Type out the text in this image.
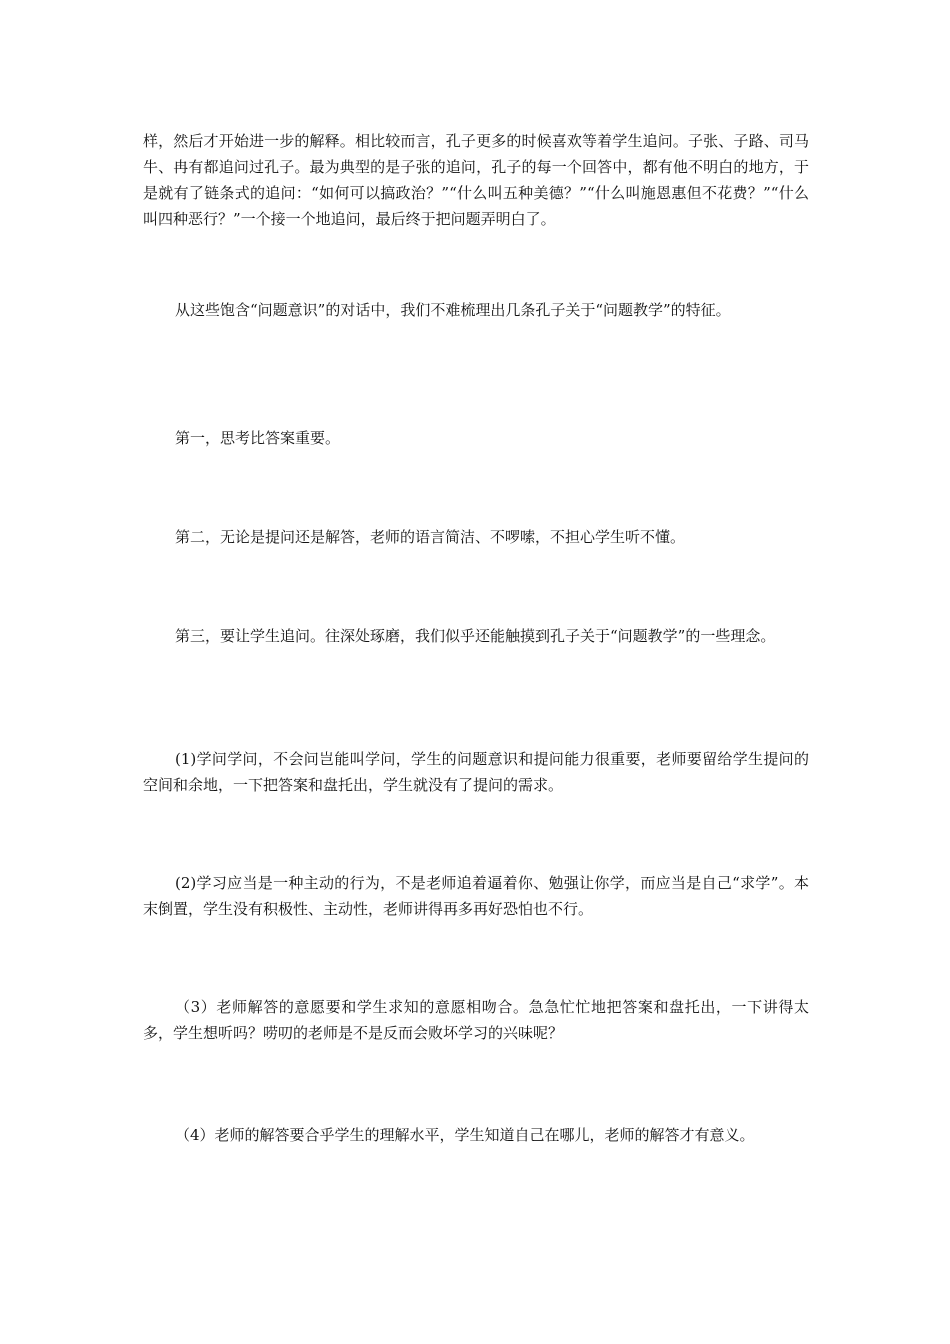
样，然后才开始进一步的解释。相比较而言，孔子更多的时候喜欢等着学生追问。子张、子路、司马牛、冉有都追问过孔子。最为典型的是子张的追问，孔子的每一个回答中，都有他不明白的地方，于是就有了链条式的追问：“如何可以搞政治？”“什么叫五种美德？”“什么叫施恩惠但不花费？”“什么叫四种恶行？”一个接一个地追问，最后终于把问题弄明白了。

从这些饱含“问题意识”的对话中，我们不难梳理出几条孔子关于“问题教学”的特征。

第一，思考比答案重要。

第二，无论是提问还是解答，老师的语言简洁、不啰嗦，不担心学生听不懂。

第三，要让学生追问。往深处琢磨，我们似乎还能触摸到孔子关于“问题教学”的一些理念。

(1)学问学问，不会问岂能叫学问，学生的问题意识和提问能力很重要，老师要留给学生提问的空间和余地，一下把答案和盘托出，学生就没有了提问的需求。

(2)学习应当是一种主动的行为，不是老师追着逼着你、勉强让你学，而应当是自己“求学”。本末倒置，学生没有积极性、主动性，老师讲得再多再好恐怕也不行。

（3）老师解答的意愿要和学生求知的意愿相吻合。急急忙忙地把答案和盘托出，一下讲得太多，学生想听吗？唠叨的老师是不是反而会败坏学习的兴味呢？

（4）老师的解答要合乎学生的理解水平，学生知道自己在哪儿，老师的解答才有意义。
